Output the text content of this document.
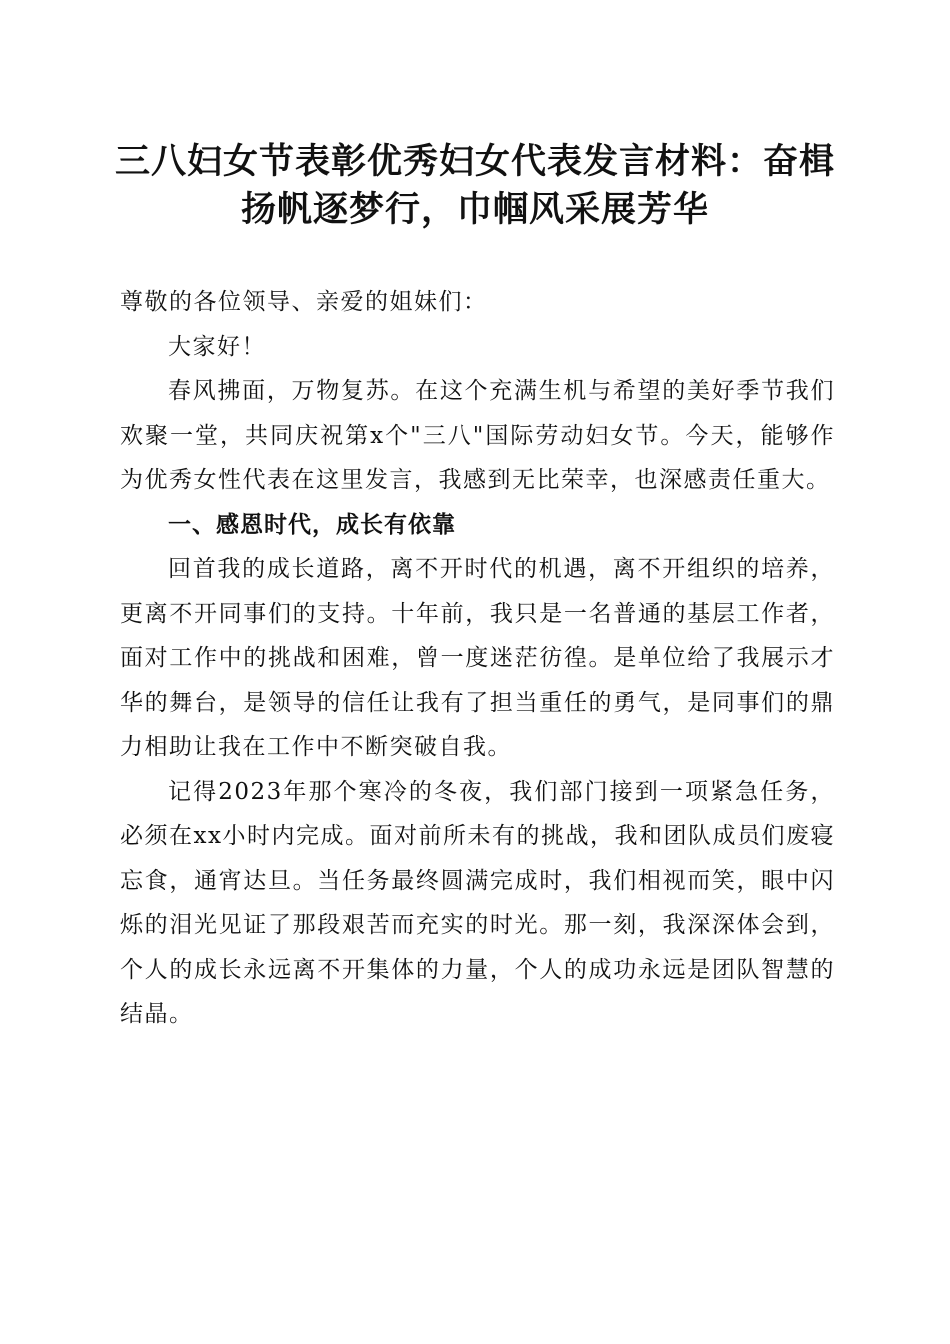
三八妇女节表彰优秀妇女代表发言材料：奋楫
扬帆逐梦行，巾帼风采展芳华

尊敬的各位领导、亲爱的姐妹们：

大家好！

春风拂面，万物复苏。在这个充满生机与希望的美好季节我们欢聚一堂，共同庆祝第x个"三八"国际劳动妇女节。今天，能够作为优秀女性代表在这里发言，我感到无比荣幸，也深感责任重大。

一、感恩时代，成长有依靠

回首我的成长道路，离不开时代的机遇，离不开组织的培养，更离不开同事们的支持。十年前，我只是一名普通的基层工作者，面对工作中的挑战和困难，曾一度迷茫彷徨。是单位给了我展示才华的舞台，是领导的信任让我有了担当重任的勇气，是同事们的鼎力相助让我在工作中不断突破自我。

记得2023年那个寒冷的冬夜，我们部门接到一项紧急任务，必须在xx小时内完成。面对前所未有的挑战，我和团队成员们废寝忘食，通宵达旦。当任务最终圆满完成时，我们相视而笑，眼中闪烁的泪光见证了那段艰苦而充实的时光。那一刻，我深深体会到，个人的成长永远离不开集体的力量，个人的成功永远是团队智慧的结晶。
